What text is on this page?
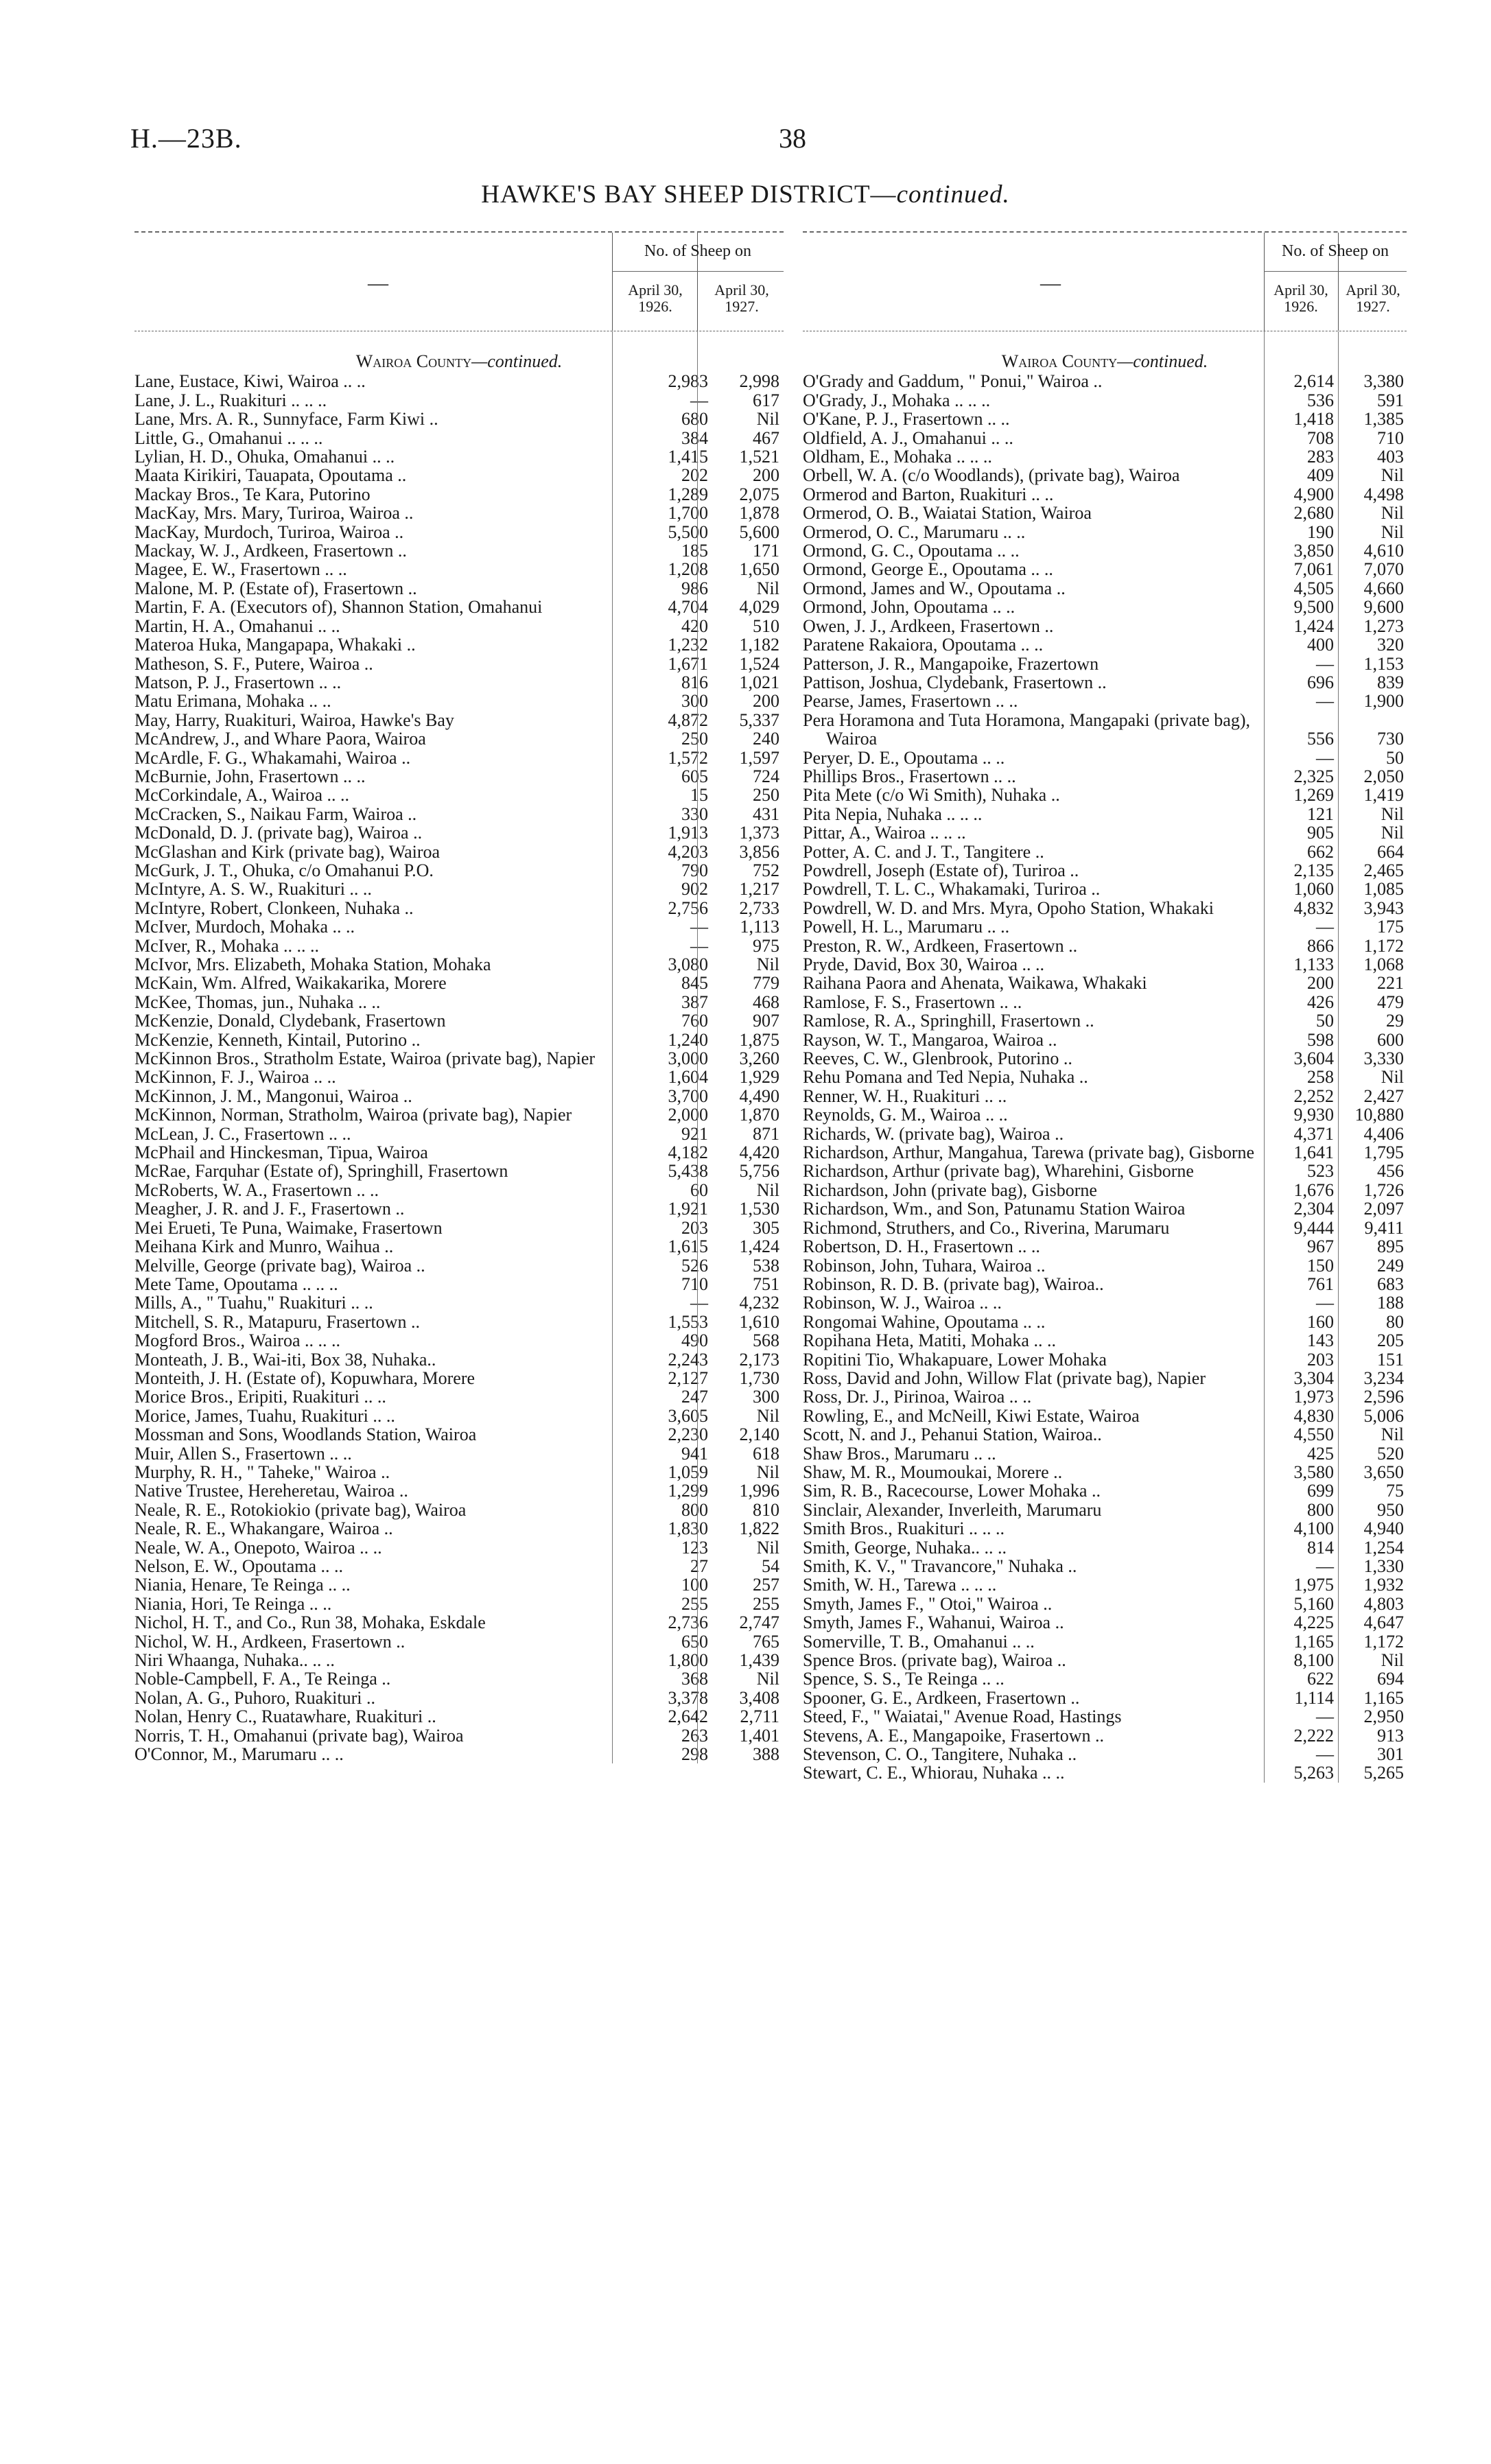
H.—23B.	38
HAWKE'S BAY SHEEP DISTRICT—continued.
—
No. of Sheep on
April 30,
1926.
April 30,
1927.
Wairoa County—continued.
Lane, Eustace, Kiwi, Wairoa .. ..	2,983 2,998
Lane, J. L., Ruakituri .. .. ..	—	617
Lane, Mrs. A. R., Sunnyface, Farm Kiwi ..	680	Nil
Little, G., Omahanui .. .. ..	384	467
Lylian, H. D., Ohuka, Omahanui .. ..	1,415 1,521
Maata Kirikiri, Tauapata, Opoutama ..	202	200
Mackay Bros., Te Kara, Putorino	1,289 2,075
MacKay, Mrs. Mary, Turiroa, Wairoa ..	1,700 1,878
MacKay, Murdoch, Turiroa, Wairoa ..	5,500 5,600
Mackay, W. J., Ardkeen, Frasertown ..	185	171
Magee, E. W., Frasertown .. ..	1,208 1,650
Malone, M. P. (Estate of), Frasertown ..	986	Nil
Martin, F. A. (Executors of), Shannon Station, Omahanui	4,704 4,029
Martin, H. A., Omahanui .. ..	420	510
Materoa Huka, Mangapapa, Whakaki ..	1,232 1,182
Matheson, S. F., Putere, Wairoa ..	1,671 1,524
Matson, P. J., Frasertown .. ..	816 1,021
Matu Erimana, Mohaka .. ..	300	200
May, Harry, Ruakituri, Wairoa, Hawke's Bay	4,872 5,337
McAndrew, J., and Whare Paora, Wairoa	250	240
McArdle, F. G., Whakamahi, Wairoa ..	1,572 1,597
McBurnie, John, Frasertown .. ..	605	724
McCorkindale, A., Wairoa .. ..	15	250
McCracken, S., Naikau Farm, Wairoa ..	330	431
McDonald, D. J. (private bag), Wairoa ..	1,913 1,373
McGlashan and Kirk (private bag), Wairoa	4,203 3,856
McGurk, J. T., Ohuka, c/o Omahanui P.O.	790	752
McIntyre, A. S. W., Ruakituri .. ..	902 1,217
McIntyre, Robert, Clonkeen, Nuhaka ..	2,756 2,733
McIver, Murdoch, Mohaka .. ..	— 1,113
McIver, R., Mohaka .. .. ..	—	975
McIvor, Mrs. Elizabeth, Mohaka Station, Mohaka	3,080	Nil
McKain, Wm. Alfred, Waikakarika, Morere	845	779
McKee, Thomas, jun., Nuhaka .. ..	387	468
McKenzie, Donald, Clydebank, Frasertown	760	907
McKenzie, Kenneth, Kintail, Putorino ..	1,240 1,875
McKinnon Bros., Stratholm Estate, Wairoa (private bag), Napier	3,000 3,260
McKinnon, F. J., Wairoa .. ..	1,604 1,929
McKinnon, J. M., Mangonui, Wairoa ..	3,700 4,490
McKinnon, Norman, Stratholm, Wairoa (private bag), Napier	2,000 1,870
McLean, J. C., Frasertown .. ..	921	871
McPhail and Hinckesman, Tipua, Wairoa	4,182 4,420
McRae, Farquhar (Estate of), Springhill, Frasertown	5,438 5,756
McRoberts, W. A., Frasertown .. ..	60	Nil
Meagher, J. R. and J. F., Frasertown ..	1,921 1,530
Mei Erueti, Te Puna, Waimake, Frasertown	203	305
Meihana Kirk and Munro, Waihua ..	1,615 1,424
Melville, George (private bag), Wairoa ..	526	538
Mete Tame, Opoutama .. .. ..	710	751
Mills, A., " Tuahu," Ruakituri .. ..	— 4,232
Mitchell, S. R., Matapuru, Frasertown ..	1,553 1,610
Mogford Bros., Wairoa .. .. ..	490	568
Monteath, J. B., Wai-iti, Box 38, Nuhaka..	2,243 2,173
Monteith, J. H. (Estate of), Kopuwhara, Morere	2,127 1,730
Morice Bros., Eripiti, Ruakituri .. ..	247	300
Morice, James, Tuahu, Ruakituri .. ..	3,605	Nil
Mossman and Sons, Woodlands Station, Wairoa	2,230 2,140
Muir, Allen S., Frasertown .. ..	941	618
Murphy, R. H., " Taheke," Wairoa ..	1,059	Nil
Native Trustee, Hereheretau, Wairoa ..	1,299 1,996
Neale, R. E., Rotokiokio (private bag), Wairoa	800	810
Neale, R. E., Whakangare, Wairoa ..	1,830 1,822
Neale, W. A., Onepoto, Wairoa .. ..	123	Nil
Nelson, E. W., Opoutama .. ..	27	54
Niania, Henare, Te Reinga .. ..	100	257
Niania, Hori, Te Reinga .. ..	255	255
Nichol, H. T., and Co., Run 38, Mohaka, Eskdale	2,736 2,747
Nichol, W. H., Ardkeen, Frasertown ..	650	765
Niri Whaanga, Nuhaka.. .. ..	1,800 1,439
Noble-Campbell, F. A., Te Reinga ..	368	Nil
Nolan, A. G., Puhoro, Ruakituri ..	3,378 3,408
Nolan, Henry C., Ruatawhare, Ruakituri ..	2,642 2,711
Norris, T. H., Omahanui (private bag), Wairoa	263 1,401
O'Connor, M., Marumaru .. ..	298	388
—
No. of Sheep on
April 30,
1926.
April 30,
1927.
Wairoa County—continued.
O'Grady and Gaddum, " Ponui," Wairoa ..	2,614 3,380
O'Grady, J., Mohaka .. .. ..	536 591
O'Kane, P. J., Frasertown .. ..	1,418 1,385
Oldfield, A. J., Omahanui .. ..	708 710
Oldham, E., Mohaka .. .. ..	283 403
Orbell, W. A. (c/o Woodlands), (private bag), Wairoa	409	Nil
Ormerod and Barton, Ruakituri .. ..	4,900 4,498
Ormerod, O. B., Waiatai Station, Wairoa	2,680	Nil
Ormerod, O. C., Marumaru .. ..	190	Nil
Ormond, G. C., Opoutama .. ..	3,850 4,610
Ormond, George E., Opoutama .. ..	7,061 7,070
Ormond, James and W., Opoutama ..	4,505 4,660
Ormond, John, Opoutama .. ..	9,500 9,600
Owen, J. J., Ardkeen, Frasertown ..	1,424 1,273
Paratene Rakaiora, Opoutama .. ..	400 320
Patterson, J. R., Mangapoike, Frazertown	— 1,153
Pattison, Joshua, Clydebank, Frasertown ..	696 839
Pearse, James, Frasertown .. ..	— 1,900
Pera Horamona and Tuta Horamona, Mangapaki (private bag), Wairoa	556 730
Peryer, D. E., Opoutama .. ..	—	50
Phillips Bros., Frasertown .. ..	2,325 2,050
Pita Mete (c/o Wi Smith), Nuhaka ..	1,269 1,419
Pita Nepia, Nuhaka .. .. ..	121	Nil
Pittar, A., Wairoa .. .. ..	905	Nil
Potter, A. C. and J. T., Tangitere ..	662 664
Powdrell, Joseph (Estate of), Turiroa ..	2,135 2,465
Powdrell, T. L. C., Whakamaki, Turiroa ..	1,060 1,085
Powdrell, W. D. and Mrs. Myra, Opoho Station, Whakaki	4,832 3,943
Powell, H. L., Marumaru .. ..	— 175
Preston, R. W., Ardkeen, Frasertown ..	866 1,172
Pryde, David, Box 30, Wairoa .. ..	1,133 1,068
Raihana Paora and Ahenata, Waikawa, Whakaki	200 221
Ramlose, F. S., Frasertown .. ..	426 479
Ramlose, R. A., Springhill, Frasertown ..	50	29
Rayson, W. T., Mangaroa, Wairoa ..	598 600
Reeves, C. W., Glenbrook, Putorino ..	3,604 3,330
Rehu Pomana and Ted Nepia, Nuhaka ..	258	Nil
Renner, W. H., Ruakituri .. ..	2,252 2,427
Reynolds, G. M., Wairoa .. ..	9,930 10,880
Richards, W. (private bag), Wairoa ..	4,371 4,406
Richardson, Arthur, Mangahua, Tarewa (private bag), Gisborne	1,641 1,795
Richardson, Arthur (private bag), Wharehini, Gisborne	523 456
Richardson, John (private bag), Gisborne	1,676 1,726
Richardson, Wm., and Son, Patunamu Station Wairoa	2,304 2,097
Richmond, Struthers, and Co., Riverina, Marumaru	9,444 9,411
Robertson, D. H., Frasertown .. ..	967 895
Robinson, John, Tuhara, Wairoa ..	150 249
Robinson, R. D. B. (private bag), Wairoa..	761 683
Robinson, W. J., Wairoa .. ..	— 188
Rongomai Wahine, Opoutama .. ..	160	80
Ropihana Heta, Matiti, Mohaka .. ..	143 205
Ropitini Tio, Whakapuare, Lower Mohaka	203 151
Ross, David and John, Willow Flat (private bag), Napier	3,304 3,234
Ross, Dr. J., Pirinoa, Wairoa .. ..	1,973 2,596
Rowling, E., and McNeill, Kiwi Estate, Wairoa	4,830 5,006
Scott, N. and J., Pehanui Station, Wairoa..	4,550	Nil
Shaw Bros., Marumaru .. ..	425 520
Shaw, M. R., Moumoukai, Morere ..	3,580 3,650
Sim, R. B., Racecourse, Lower Mohaka ..	699	75
Sinclair, Alexander, Inverleith, Marumaru	800 950
Smith Bros., Ruakituri .. .. ..	4,100 4,940
Smith, George, Nuhaka.. .. ..	814 1,254
Smith, K. V., " Travancore," Nuhaka ..	— 1,330
Smith, W. H., Tarewa .. .. ..	1,975 1,932
Smyth, James F., " Otoi," Wairoa ..	5,160 4,803
Smyth, James F., Wahanui, Wairoa ..	4,225 4,647
Somerville, T. B., Omahanui .. ..	1,165 1,172
Spence Bros. (private bag), Wairoa ..	8,100	Nil
Spence, S. S., Te Reinga .. ..	622 694
Spooner, G. E., Ardkeen, Frasertown ..	1,114 1,165
Steed, F., " Waiatai," Avenue Road, Hastings	— 2,950
Stevens, A. E., Mangapoike, Frasertown ..	2,222 913
Stevenson, C. O., Tangitere, Nuhaka ..	— 301
Stewart, C. E., Whiorau, Nuhaka .. ..	5,263 5,265
